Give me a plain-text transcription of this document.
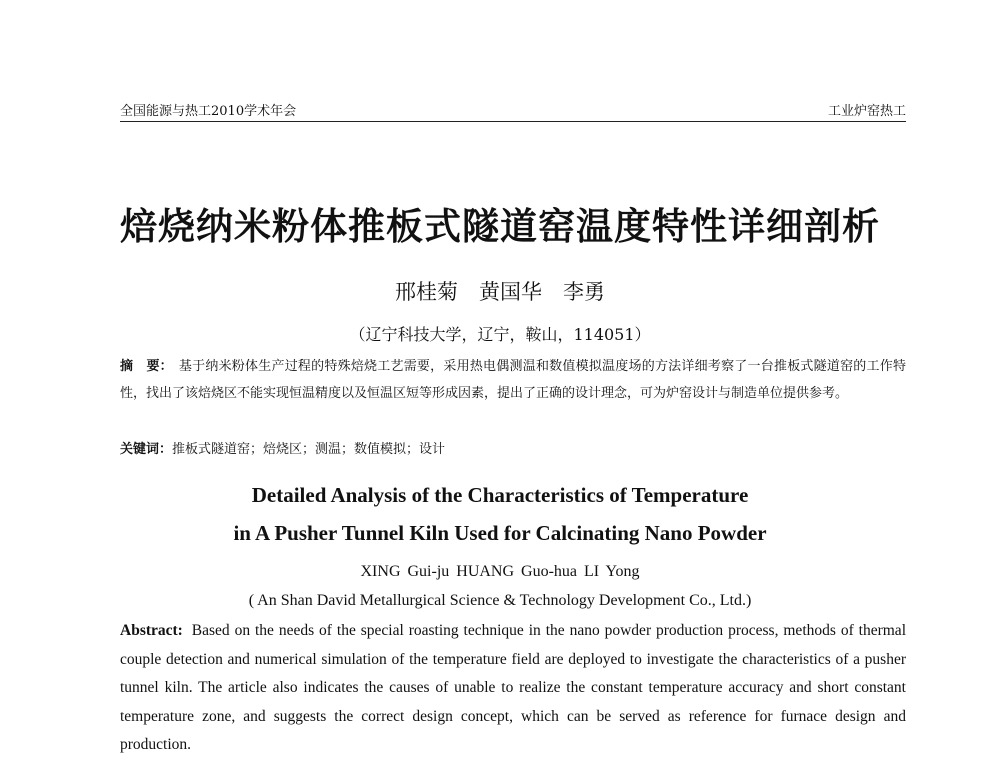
全国能源与热工2010学术年会	工业炉窑热工
焙烧纳米粉体推板式隧道窑温度特性详细剖析
邢桂菊　黄国华　李勇
（辽宁科技大学，辽宁，鞍山，114051）
摘　要： 基于纳米粉体生产过程的特殊焙烧工艺需要，采用热电偶测温和数值模拟温度场的方法详细考察了一台推板式隧道窑的工作特性，找出了该焙烧区不能实现恒温精度以及恒温区短等形成因素，提出了正确的设计理念，可为炉窑设计与制造单位提供参考。
关键词：推板式隧道窑；焙烧区；测温；数值模拟；设计
Detailed Analysis of the Characteristics of Temperature
in A Pusher Tunnel Kiln Used for Calcinating Nano Powder
XING Gui-ju HUANG Guo-hua LI Yong
( An Shan David Metallurgical Science & Technology Development Co., Ltd.)
Abstract: Based on the needs of the special roasting technique in the nano powder production process, methods of thermal couple detection and numerical simulation of the temperature field are deployed to investigate the characteristics of a pusher tunnel kiln. The article also indicates the causes of unable to realize the constant temperature accuracy and short constant temperature zone, and suggests the correct design concept, which can be served as reference for furnace design and production.
